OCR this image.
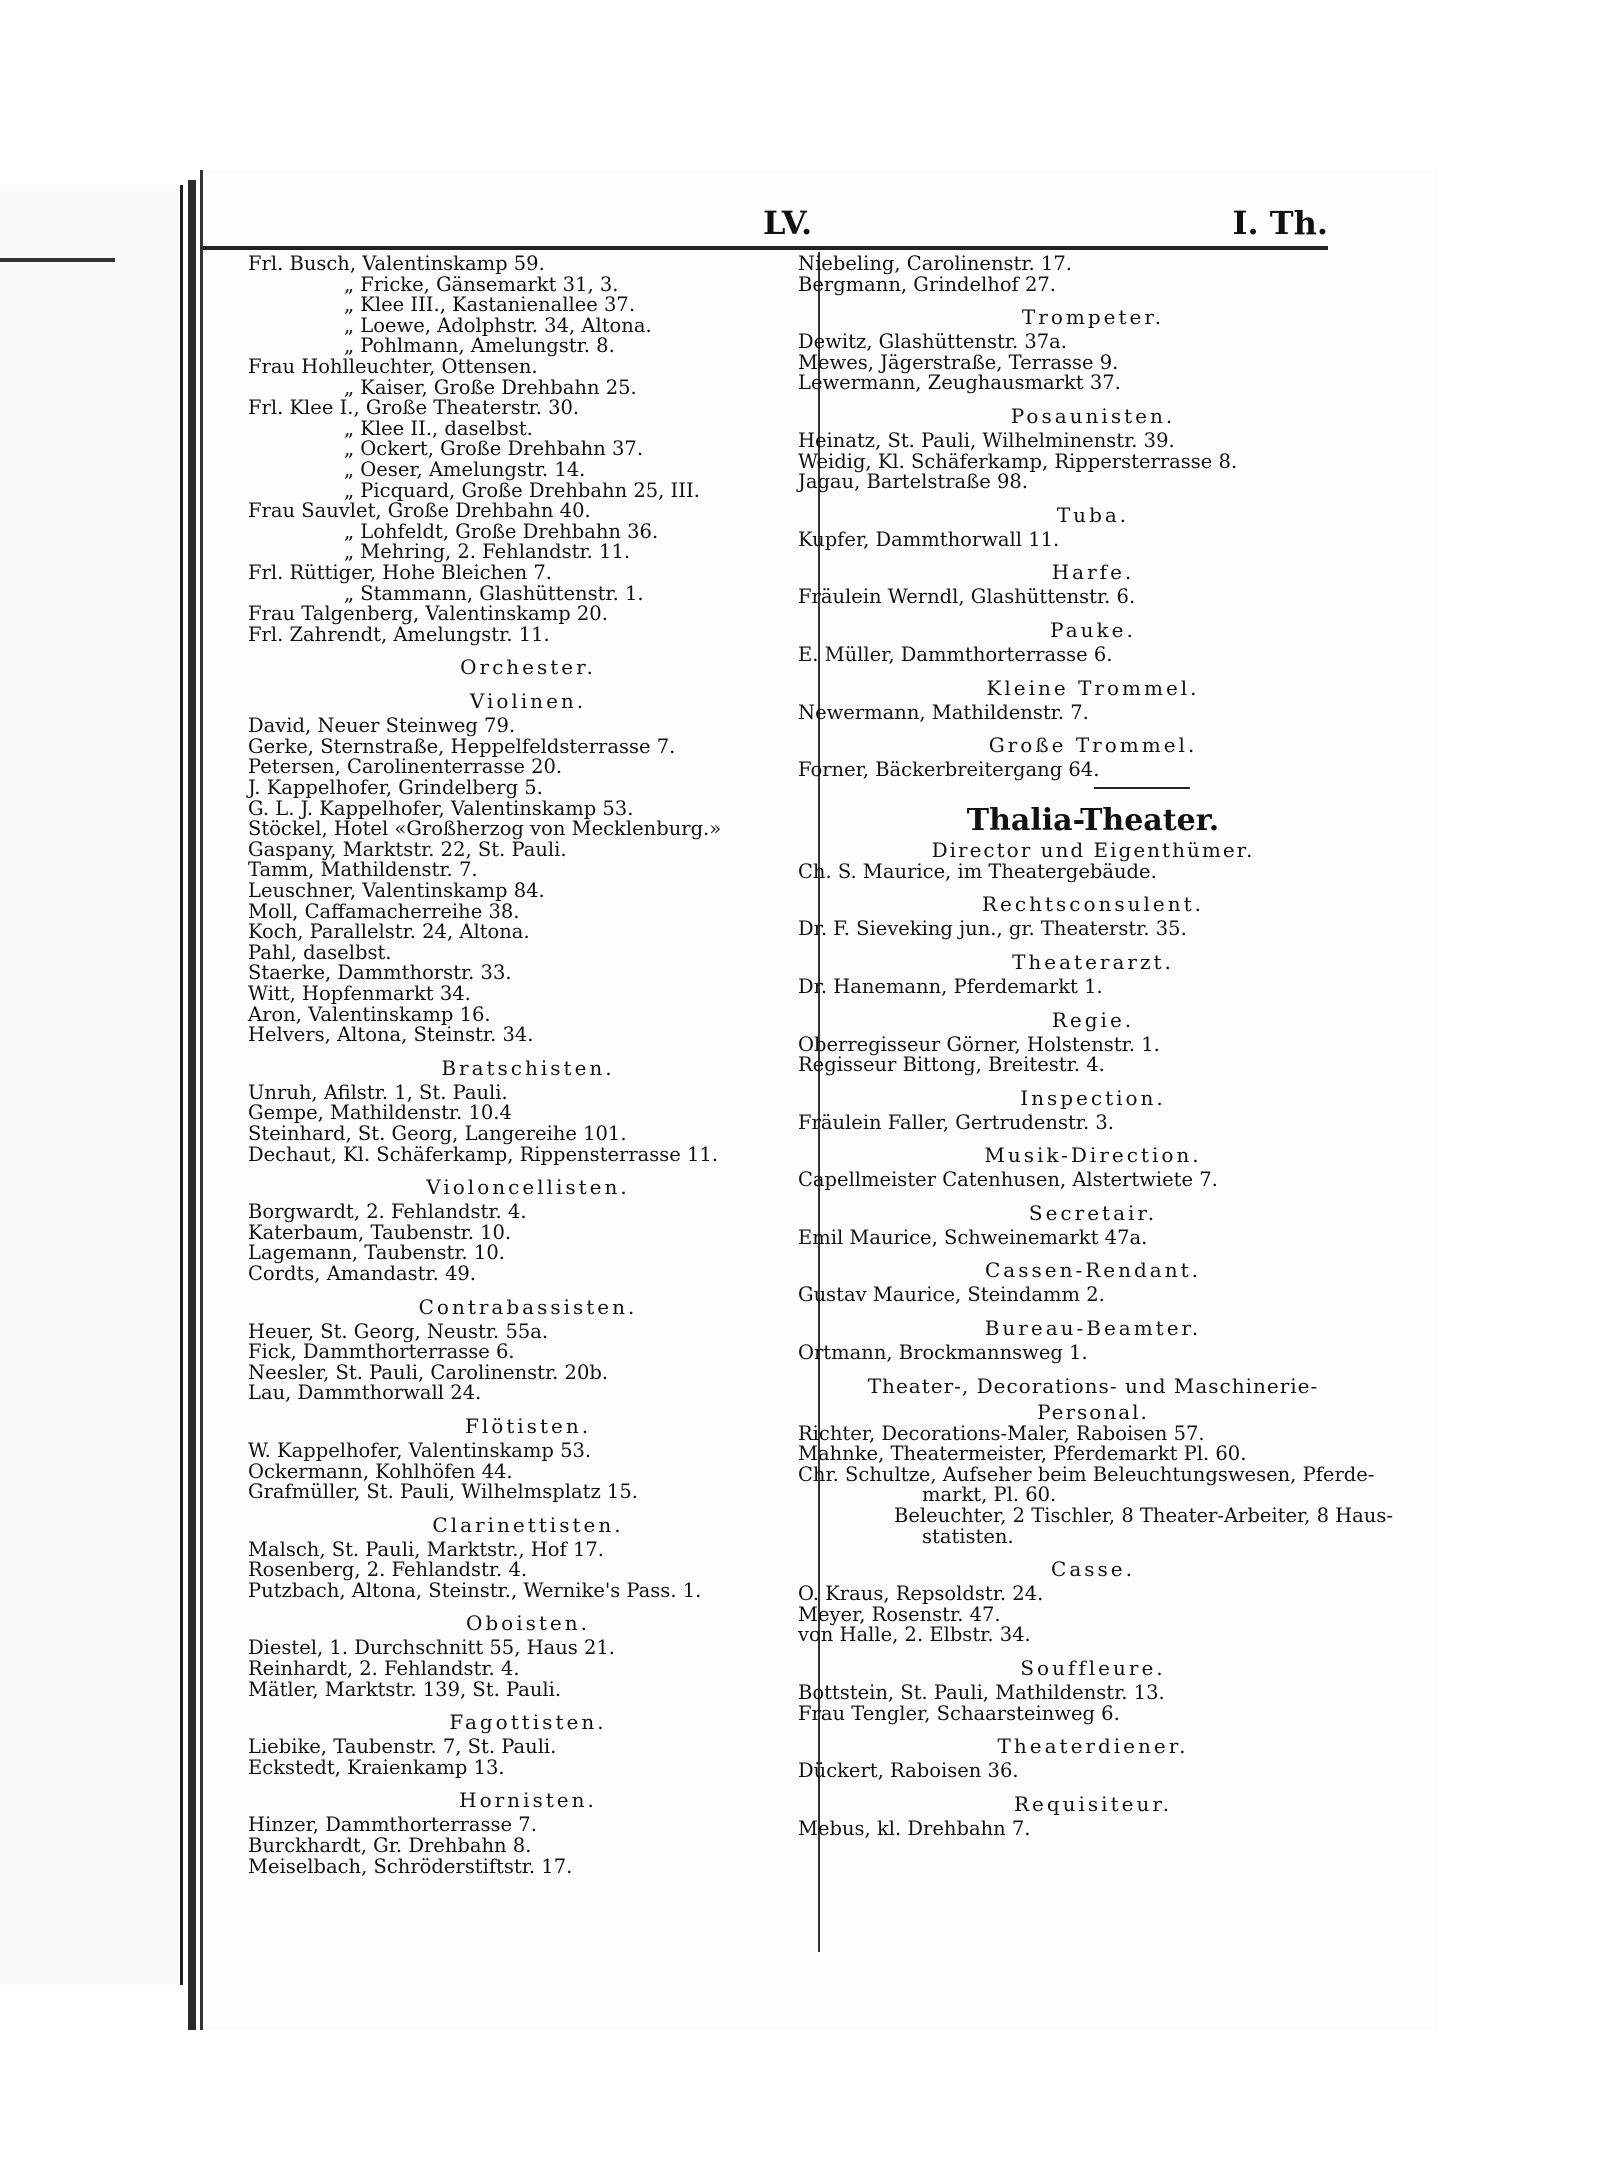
LV.	I. Th.
Frl. Busch, Valentinskamp 59.
„ Fricke, Gänsemarkt 31, 3.
„ Klee III., Kastanienallee 37.
„ Loewe, Adolphstr. 34, Altona.
„ Pohlmann, Amelungstr. 8.
Frau Hohlleuchter, Ottensen.
„ Kaiser, Große Drehbahn 25.
Frl. Klee I., Große Theaterstr. 30.
„ Klee II., daselbst.
„ Ockert, Große Drehbahn 37.
„ Oeser, Amelungstr. 14.
„ Picquard, Große Drehbahn 25, III.
Frau Sauvlet, Große Drehbahn 40.
„ Lohfeldt, Große Drehbahn 36.
„ Mehring, 2. Fehlandstr. 11.
Frl. Rüttiger, Hohe Bleichen 7.
„ Stammann, Glashüttenstr. 1.
Frau Talgenberg, Valentinskamp 20.
Frl. Zahrendt, Amelungstr. 11.
Orchester.
Violinen.
David, Neuer Steinweg 79.
Gerke, Sternstraße, Heppelfeldsterrasse 7.
Petersen, Carolinenterrasse 20.
J. Kappelhofer, Grindelberg 5.
G. L. J. Kappelhofer, Valentinskamp 53.
Stöckel, Hotel «Großherzog von Mecklenburg.»
Gaspany, Marktstr. 22, St. Pauli.
Tamm, Mathildenstr. 7.
Leuschner, Valentinskamp 84.
Moll, Caffamacherreihe 38.
Koch, Parallelstr. 24, Altona.
Pahl, daselbst.
Staerke, Dammthorstr. 33.
Witt, Hopfenmarkt 34.
Aron, Valentinskamp 16.
Helvers, Altona, Steinstr. 34.
Bratschisten.
Unruh, Afilstr. 1, St. Pauli.
Gempe, Mathildenstr. 10.4
Steinhard, St. Georg, Langereihe 101.
Dechaut, Kl. Schäferkamp, Rippensterrasse 11.
Violoncellisten.
Borgwardt, 2. Fehlandstr. 4.
Katerbaum, Taubenstr. 10.
Lagemann, Taubenstr. 10.
Cordts, Amandastr. 49.
Contrabassisten.
Heuer, St. Georg, Neustr. 55a.
Fick, Dammthorterrasse 6.
Neesler, St. Pauli, Carolinenstr. 20b.
Lau, Dammthorwall 24.
Flötisten.
W. Kappelhofer, Valentinskamp 53.
Ockermann, Kohlhöfen 44.
Grafmüller, St. Pauli, Wilhelmsplatz 15.
Clarinettisten.
Malsch, St. Pauli, Marktstr., Hof 17.
Rosenberg, 2. Fehlandstr. 4.
Putzbach, Altona, Steinstr., Wernike's Pass. 1.
Oboisten.
Diestel, 1. Durchschnitt 55, Haus 21.
Reinhardt, 2. Fehlandstr. 4.
Mätler, Marktstr. 139, St. Pauli.
Fagottisten.
Liebike, Taubenstr. 7, St. Pauli.
Eckstedt, Kraienkamp 13.
Hornisten.
Hinzer, Dammthorterrasse 7.
Burckhardt, Gr. Drehbahn 8.
Meiselbach, Schröderstiftstr. 17.
Niebeling, Carolinenstr. 17.
Bergmann, Grindelhof 27.
Trompeter.
Dewitz, Glashüttenstr. 37a.
Mewes, Jägerstraße, Terrasse 9.
Lewermann, Zeughausmarkt 37.
Posaunisten.
Heinatz, St. Pauli, Wilhelminenstr. 39.
Weidig, Kl. Schäferkamp, Rippersterrasse 8.
Jagau, Bartelstraße 98.
Tuba.
Kupfer, Dammthorwall 11.
Harfe.
Fräulein Werndl, Glashüttenstr. 6.
Pauke.
E. Müller, Dammthorterrasse 6.
Kleine Trommel.
Newermann, Mathildenstr. 7.
Große Trommel.
Forner, Bäckerbreitergang 64.
Thalia-Theater.
Director und Eigenthümer.
Ch. S. Maurice, im Theatergebäude.
Rechtsconsulent.
Dr. F. Sieveking jun., gr. Theaterstr. 35.
Theaterarzt.
Dr. Hanemann, Pferdemarkt 1.
Regie.
Oberregisseur Görner, Holstenstr. 1.
Regisseur Bittong, Breitestr. 4.
Inspection.
Fräulein Faller, Gertrudenstr. 3.
Musik-Direction.
Capellmeister Catenhusen, Alstertwiete 7.
Secretair.
Emil Maurice, Schweinemarkt 47a.
Cassen-Rendant.
Gustav Maurice, Steindamm 2.
Bureau-Beamter.
Ortmann, Brockmannsweg 1.
Theater-, Decorations- und Maschinerie-
Personal.
Richter, Decorations-Maler, Raboisen 57.
Mahnke, Theatermeister, Pferdemarkt Pl. 60.
Chr. Schultze, Aufseher beim Beleuchtungswesen, Pferde-
markt, Pl. 60.
Beleuchter, 2 Tischler, 8 Theater-Arbeiter, 8 Haus-
statisten.
Casse.
O. Kraus, Repsoldstr. 24.
Meyer, Rosenstr. 47.
von Halle, 2. Elbstr. 34.
Souffleure.
Bottstein, St. Pauli, Mathildenstr. 13.
Frau Tengler, Schaarsteinweg 6.
Theaterdiener.
Dückert, Raboisen 36.
Requisiteur.
Mebus, kl. Drehbahn 7.
